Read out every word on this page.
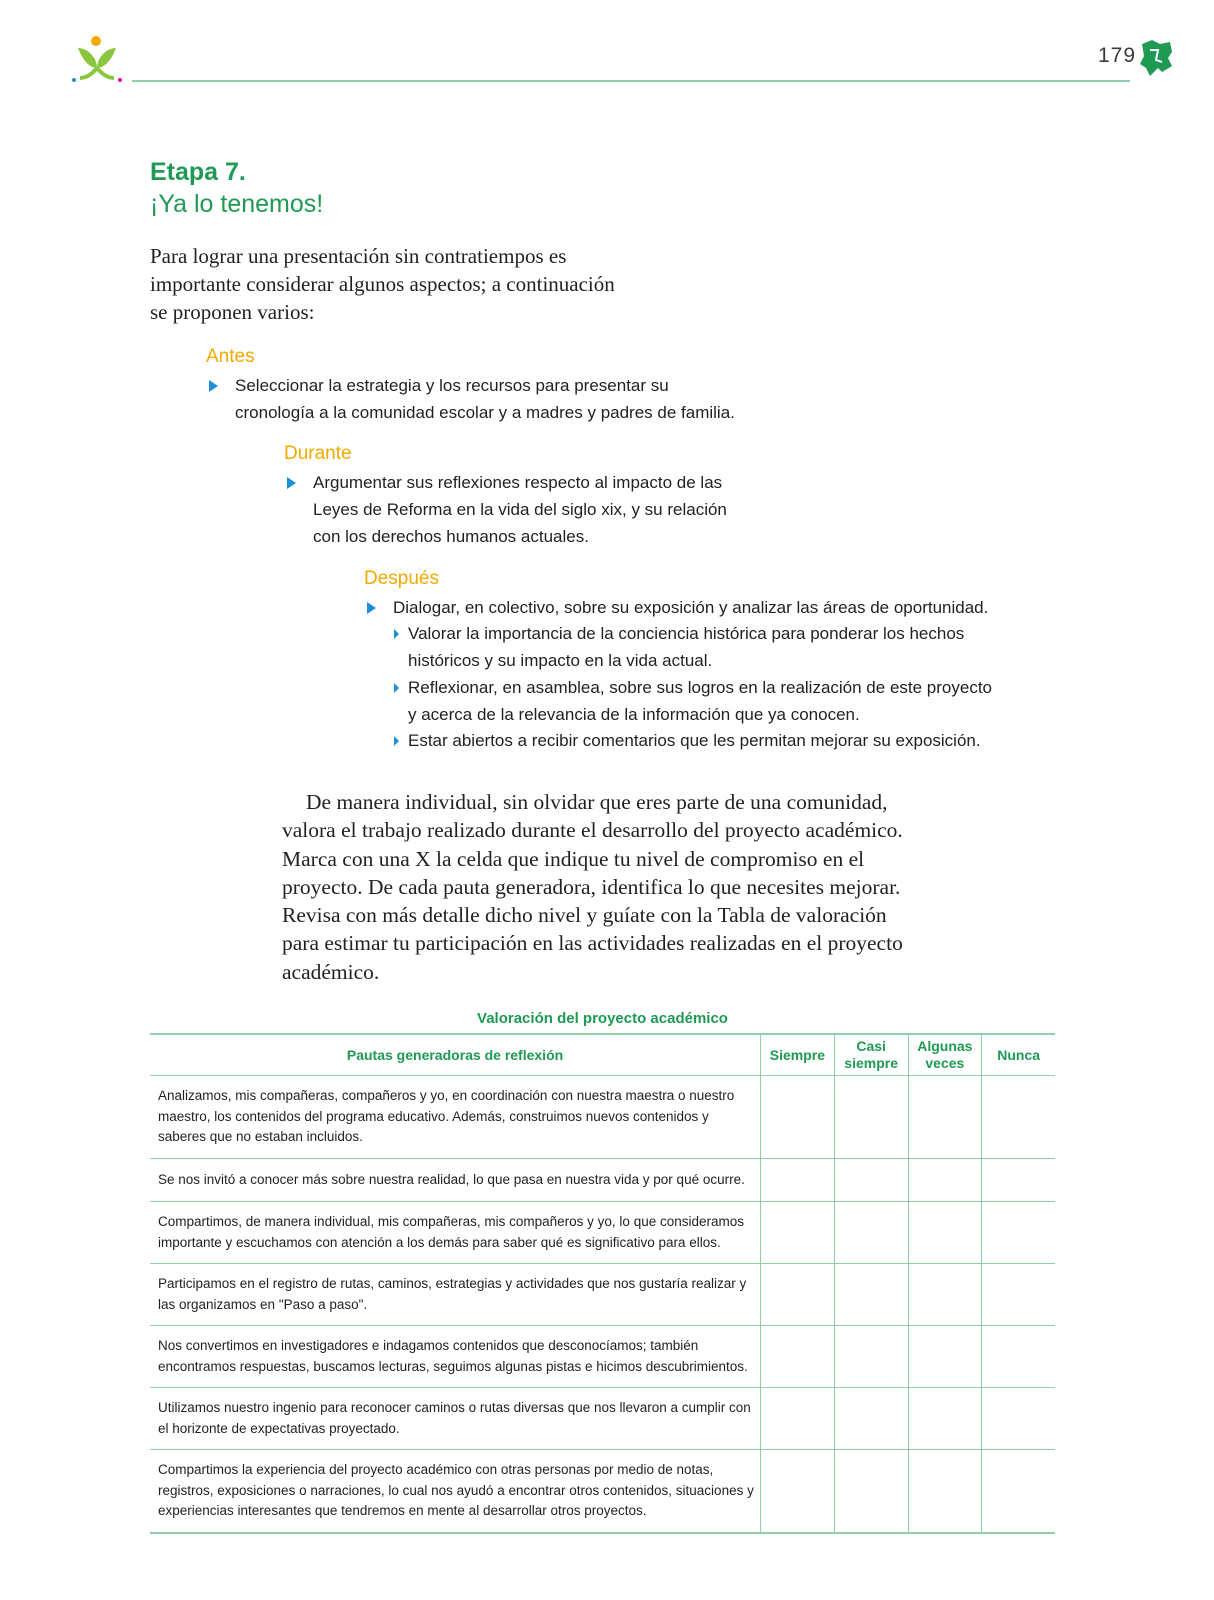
179
Etapa 7.
¡Ya lo tenemos!
Para lograr una presentación sin contratiempos es importante considerar algunos aspectos; a continuación se proponen varios:
Antes
Seleccionar la estrategia y los recursos para presentar su
cronología a la comunidad escolar y a madres y padres de familia.
Durante
Argumentar sus reflexiones respecto al impacto de las
Leyes de Reforma en la vida del siglo xix, y su relación
con los derechos humanos actuales.
Después
Dialogar, en colectivo, sobre su exposición y analizar las áreas de oportunidad.
Valorar la importancia de la conciencia histórica para ponderar los hechos
históricos y su impacto en la vida actual.
Reflexionar, en asamblea, sobre sus logros en la realización de este proyecto
y acerca de la relevancia de la información que ya conocen.
Estar abiertos a recibir comentarios que les permitan mejorar su exposición.
De manera individual, sin olvidar que eres parte de una comunidad, valora el trabajo realizado durante el desarrollo del proyecto académico. Marca con una X la celda que indique tu nivel de compromiso en el proyecto. De cada pauta generadora, identifica lo que necesites mejorar. Revisa con más detalle dicho nivel y guíate con la Tabla de valoración para estimar tu participación en las actividades realizadas en el proyecto académico.
Valoración del proyecto académico
Pautas generadoras de reflexión	Siempre	Casi siempre	Algunas veces	Nunca
Analizamos, mis compañeras, compañeros y yo, en coordinación con nuestra maestra o nuestro maestro, los contenidos del programa educativo. Además, construimos nuevos contenidos y saberes que no estaban incluidos.				
Se nos invitó a conocer más sobre nuestra realidad, lo que pasa en nuestra vida y por qué ocurre.				
Compartimos, de manera individual, mis compañeras, mis compañeros y yo, lo que consideramos importante y escuchamos con atención a los demás para saber qué es significativo para ellos.				
Participamos en el registro de rutas, caminos, estrategias y actividades que nos gustaría realizar y las organizamos en "Paso a paso".				
Nos convertimos en investigadores e indagamos contenidos que desconocíamos; también encontramos respuestas, buscamos lecturas, seguimos algunas pistas e hicimos descubrimientos.				
Utilizamos nuestro ingenio para reconocer caminos o rutas diversas que nos llevaron a cumplir con el horizonte de expectativas proyectado.				
Compartimos la experiencia del proyecto académico con otras personas por medio de notas, registros, exposiciones o narraciones, lo cual nos ayudó a encontrar otros contenidos, situaciones y experiencias interesantes que tendremos en mente al desarrollar otros proyectos.				
